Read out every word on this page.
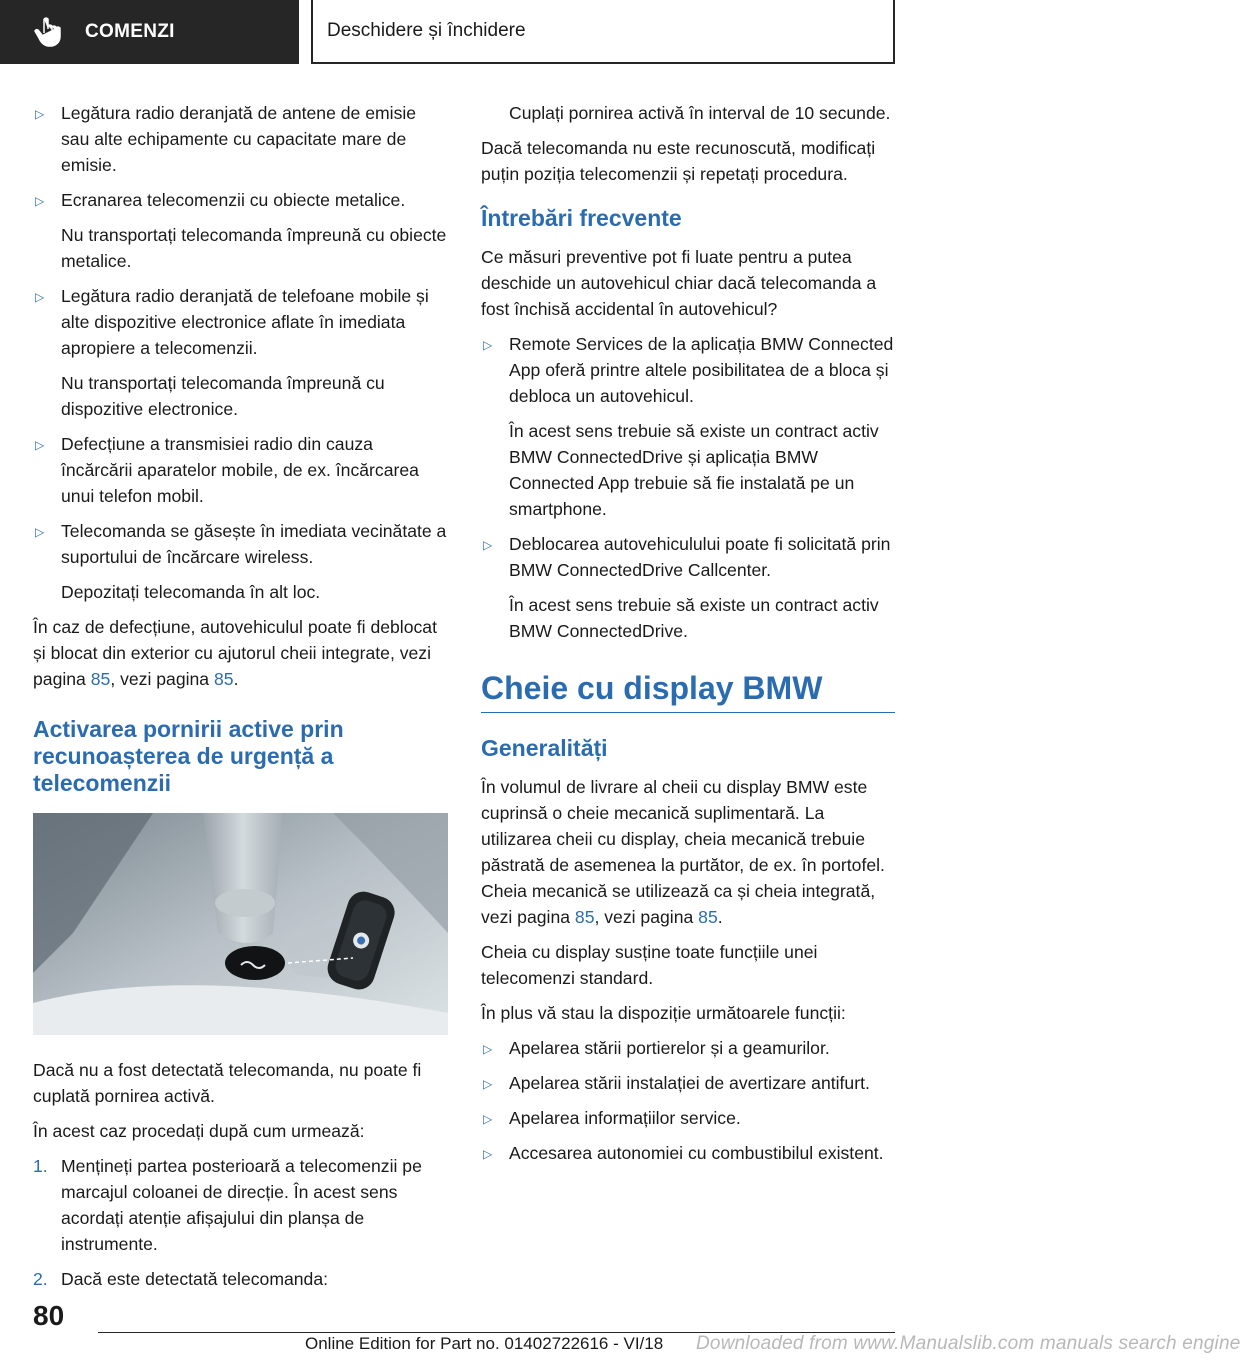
COMENZI	Deschidere și închidere
▷ Legătura radio deranjată de antene de emisie sau alte echipamente cu capacitate mare de emisie.
▷ Ecranarea telecomenzii cu obiecte metalice.
Nu transportați telecomanda împreună cu obiecte metalice.
▷ Legătura radio deranjată de telefoane mobile și alte dispozitive electronice aflate în imediata apropiere a telecomenzii.
Nu transportați telecomanda împreună cu dispozitive electronice.
▷ Defecțiune a transmisiei radio din cauza încărcării aparatelor mobile, de ex. încărcarea unui telefon mobil.
▷ Telecomanda se găsește în imediata vecinătate a suportului de încărcare wireless.
Depozitați telecomanda în alt loc.
În caz de defecțiune, autovehiculul poate fi deblocat și blocat din exterior cu ajutorul cheii integrate, vezi pagina 85, vezi pagina 85.
Activarea pornirii active prin recunoașterea de urgență a telecomenzii
Dacă nu a fost detectată telecomanda, nu poate fi cuplată pornirea activă.
În acest caz procedați după cum urmează:
1. Mențineți partea posterioară a telecomenzii pe marcajul coloanei de direcție. În acest sens acordați atenție afișajului din planșa de instrumente.
2. Dacă este detectată telecomanda:
Cuplați pornirea activă în interval de 10 secunde.
Dacă telecomanda nu este recunoscută, modificați puțin poziția telecomenzii și repetați procedura.
Întrebări frecvente
Ce măsuri preventive pot fi luate pentru a putea deschide un autovehicul chiar dacă telecomanda a fost închisă accidental în autovehicul?
▷ Remote Services de la aplicația BMW Connected App oferă printre altele posibilitatea de a bloca și debloca un autovehicul.
În acest sens trebuie să existe un contract activ BMW ConnectedDrive și aplicația BMW Connected App trebuie să fie instalată pe un smartphone.
▷ Deblocarea autovehiculului poate fi solicitată prin BMW ConnectedDrive Callcenter.
În acest sens trebuie să existe un contract activ BMW ConnectedDrive.
Cheie cu display BMW
Generalități
În volumul de livrare al cheii cu display BMW este cuprinsă o cheie mecanică suplimentară. La utilizarea cheii cu display, cheia mecanică trebuie păstrată de asemenea la purtător, de ex. în portofel. Cheia mecanică se utilizează ca și cheia integrată, vezi pagina 85, vezi pagina 85.
Cheia cu display susține toate funcțiile unei telecomenzi standard.
În plus vă stau la dispoziție următoarele funcții:
▷ Apelarea stării portierelor și a geamurilor.
▷ Apelarea stării instalației de avertizare antifurt.
▷ Apelarea informațiilor service.
▷ Accesarea autonomiei cu combustibilul existent.
80
Online Edition for Part no. 01402722616 - VI/18 Downloaded from www.Manualslib.com manuals search engine
